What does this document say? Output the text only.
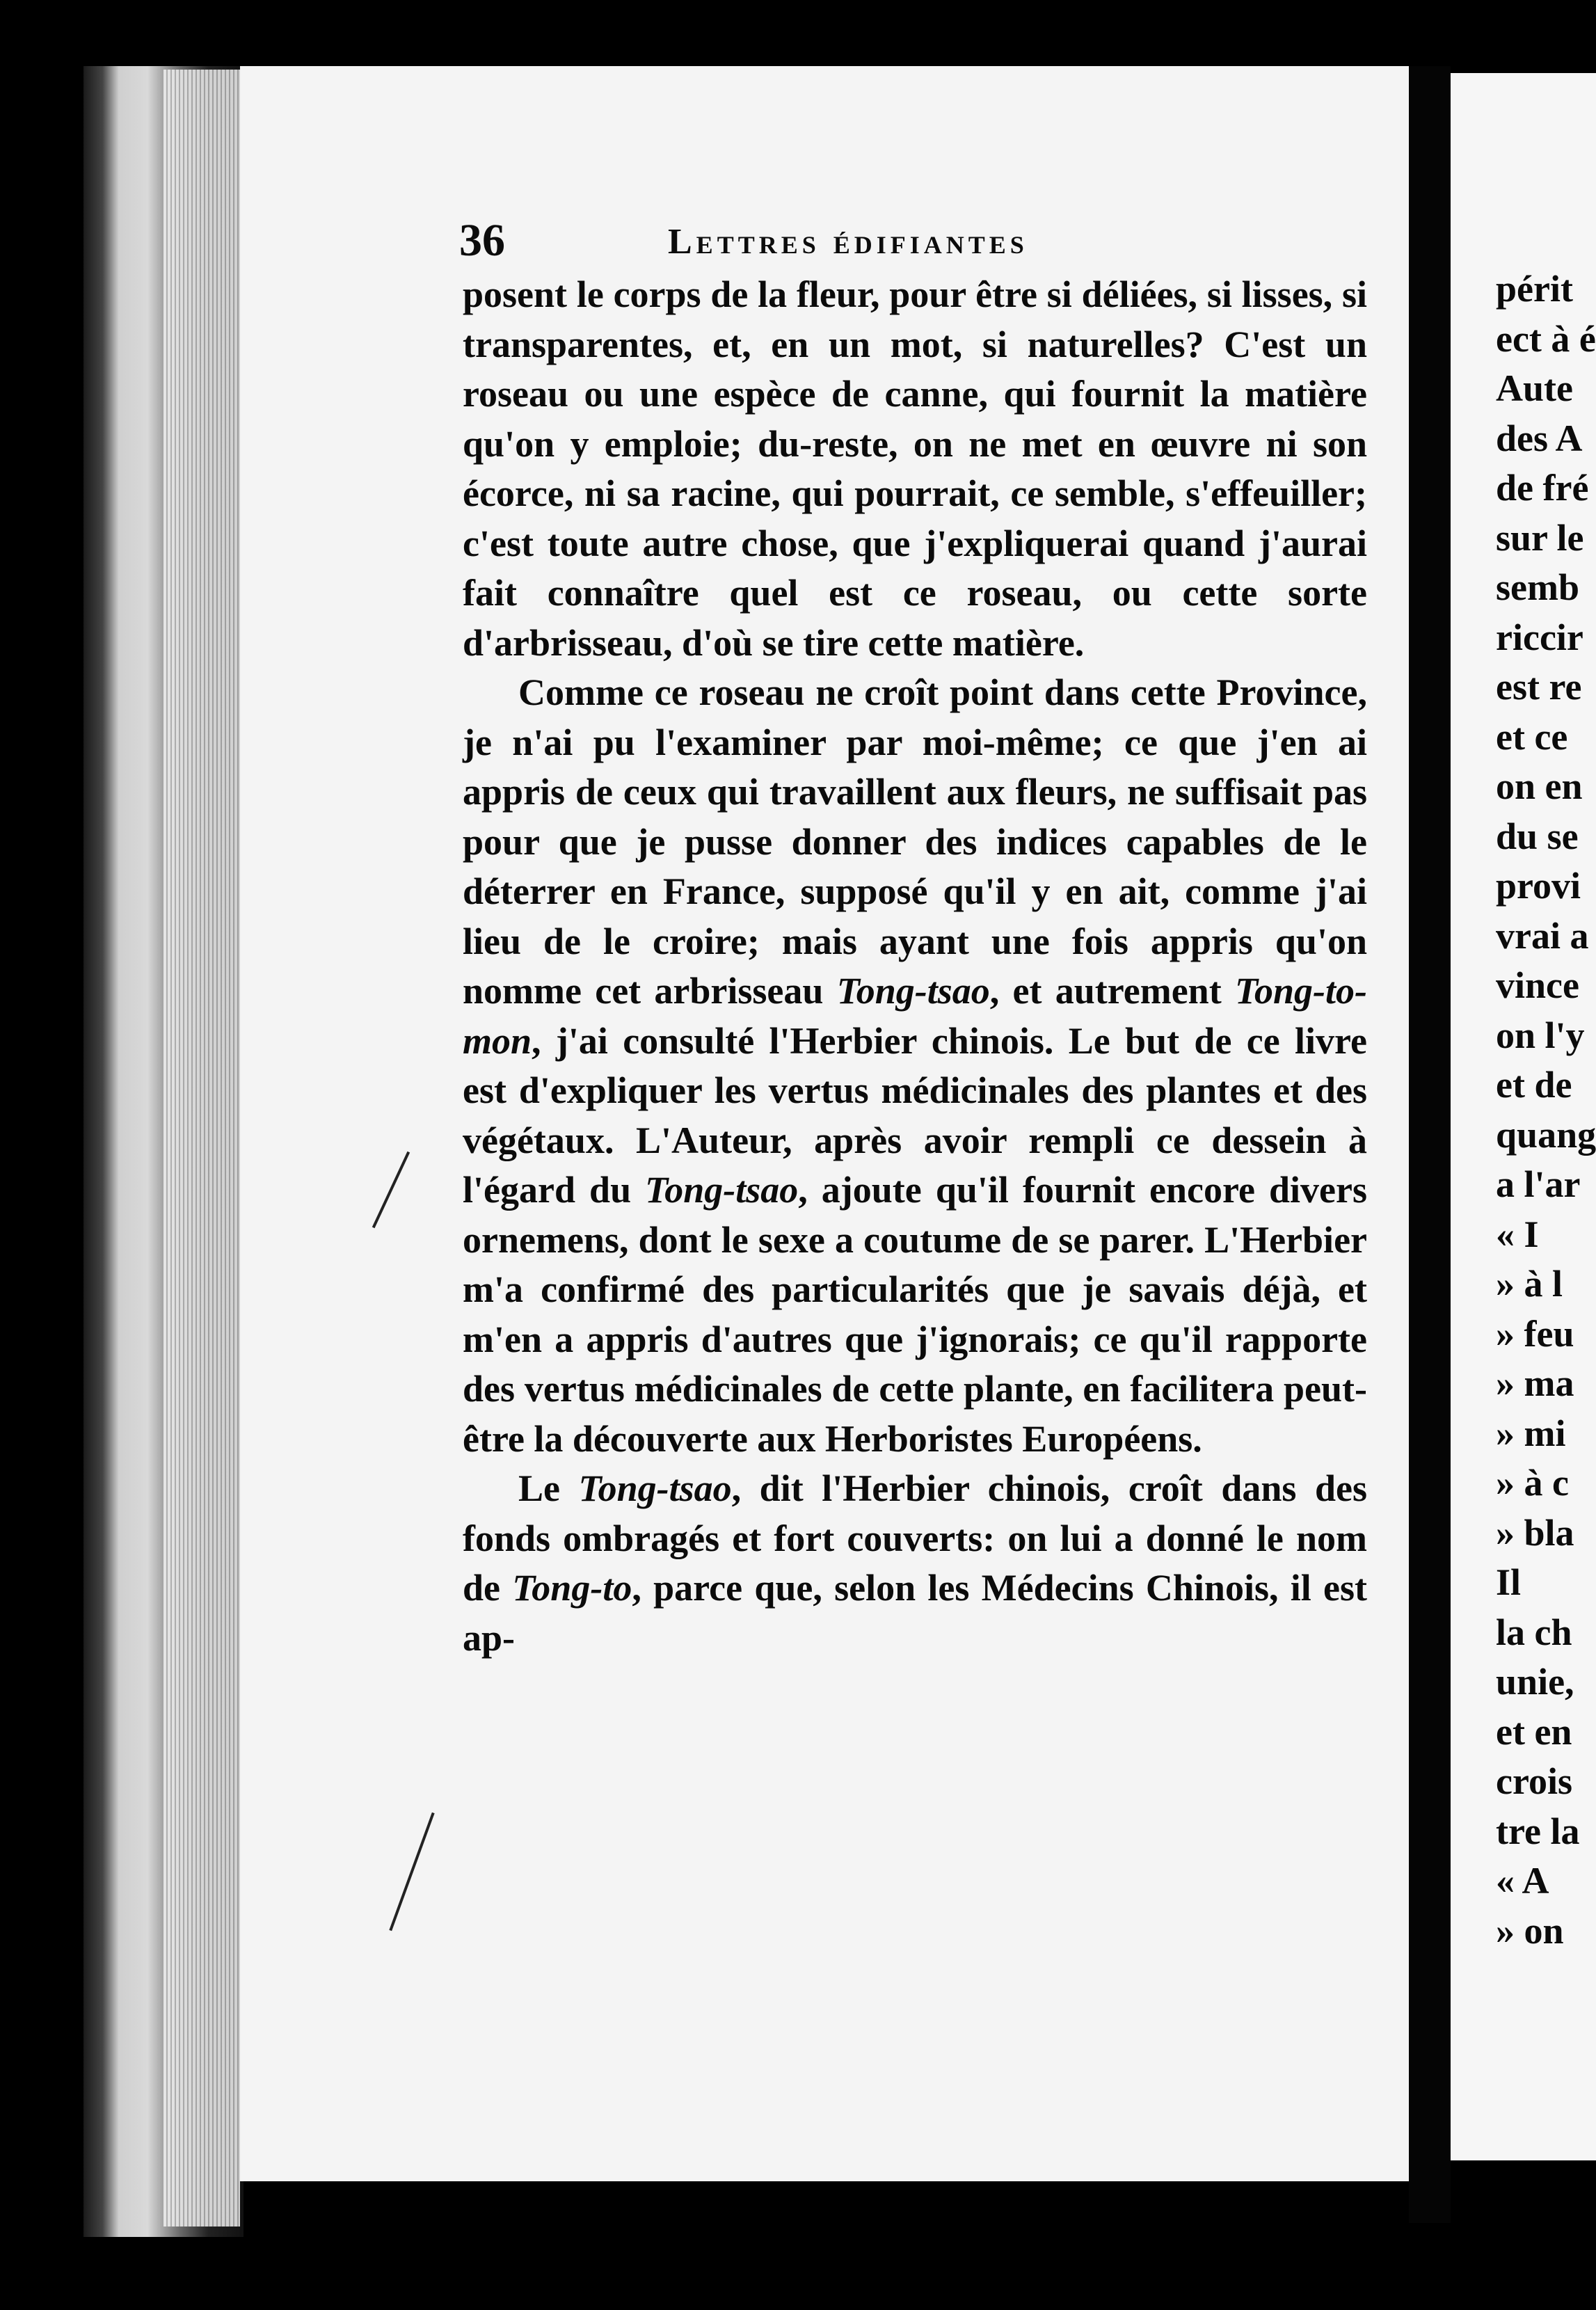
36	Lettres édifiantes

posent le corps de la fleur, pour être si déliées, si lisses, si transparentes, et, en un mot, si naturelles? C'est un roseau ou une espèce de canne, qui fournit la matière qu'on y emploie; du-reste, on ne met en œuvre ni son écorce, ni sa racine, qui pourrait, ce semble, s'effeuiller; c'est toute autre chose, que j'expliquerai quand j'aurai fait connaître quel est ce roseau, ou cette sorte d'arbrisseau, d'où se tire cette matière.

Comme ce roseau ne croît point dans cette Province, je n'ai pu l'examiner par moi-même; ce que j'en ai appris de ceux qui travaillent aux fleurs, ne suffisait pas pour que je pusse donner des indices capables de le déterrer en France, supposé qu'il y en ait, comme j'ai lieu de le croire; mais ayant une fois appris qu'on nomme cet arbrisseau Tong-tsao, et autrement Tong-to-mon, j'ai consulté l'Herbier chinois. Le but de ce livre est d'expliquer les vertus médicinales des plantes et des végétaux. L'Auteur, après avoir rempli ce dessein à l'égard du Tong-tsao, ajoute qu'il fournit encore divers ornemens, dont le sexe a coutume de se parer. L'Herbier m'a confirmé des particularités que je savais déjà, et m'en a appris d'autres que j'ignorais; ce qu'il rapporte des vertus médicinales de cette plante, en facilitera peut-être la découverte aux Herboristes Européens.

Le Tong-tsao, dit l'Herbier chinois, croît dans des fonds ombragés et fort couverts: on lui a donné le nom de Tong-to, parce que, selon les Médecins Chinois, il est ap-

périt
ect à é
Aute
des A
de fré
sur le
semb
riccir
est re
et ce
on en
du se
provi
vrai a
vince
on l'y
et de
quang
a l'ar
« I
» à l
» feu
» ma
» mi
» à c
» bla
Il
la ch
unie,
et en
crois
tre la
« A
» on
